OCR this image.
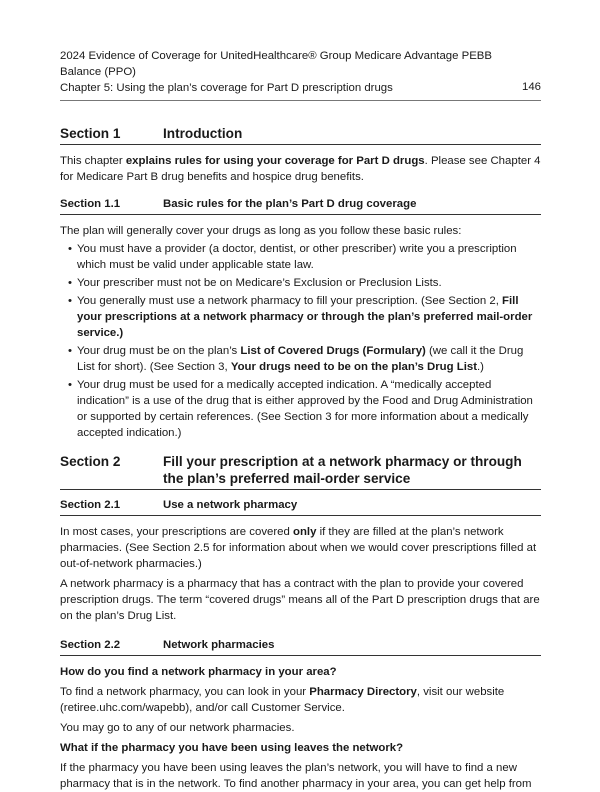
2024 Evidence of Coverage for UnitedHealthcare® Group Medicare Advantage PEBB Balance (PPO)
Chapter 5: Using the plan’s coverage for Part D prescription drugs	146
Section 1	Introduction

This chapter explains rules for using your coverage for Part D drugs. Please see Chapter 4 for Medicare Part B drug benefits and hospice drug benefits.

Section 1.1	Basic rules for the plan’s Part D drug coverage

The plan will generally cover your drugs as long as you follow these basic rules:

• You must have a provider (a doctor, dentist, or other prescriber) write you a prescription which must be valid under applicable state law.
• Your prescriber must not be on Medicare’s Exclusion or Preclusion Lists.
• You generally must use a network pharmacy to fill your prescription. (See Section 2, Fill your prescriptions at a network pharmacy or through the plan’s preferred mail-order service.)
• Your drug must be on the plan’s List of Covered Drugs (Formulary) (we call it the Drug List for short). (See Section 3, Your drugs need to be on the plan’s Drug List.)
• Your drug must be used for a medically accepted indication. A “medically accepted indication” is a use of the drug that is either approved by the Food and Drug Administration or supported by certain references. (See Section 3 for more information about a medically accepted indication.)
Section 2	Fill your prescription at a network pharmacy or through the plan’s preferred mail-order service
Section 2.1	Use a network pharmacy

In most cases, your prescriptions are covered only if they are filled at the plan’s network pharmacies. (See Section 2.5 for information about when we would cover prescriptions filled at out-of-network pharmacies.)

A network pharmacy is a pharmacy that has a contract with the plan to provide your covered prescription drugs. The term “covered drugs” means all of the Part D prescription drugs that are on the plan’s Drug List.

Section 2.2	Network pharmacies

How do you find a network pharmacy in your area?

To find a network pharmacy, you can look in your Pharmacy Directory, visit our website (retiree.uhc.com/wapebb), and/or call Customer Service.

You may go to any of our network pharmacies.

What if the pharmacy you have been using leaves the network?

If the pharmacy you have been using leaves the plan’s network, you will have to find a new pharmacy that is in the network. To find another pharmacy in your area, you can get help from
